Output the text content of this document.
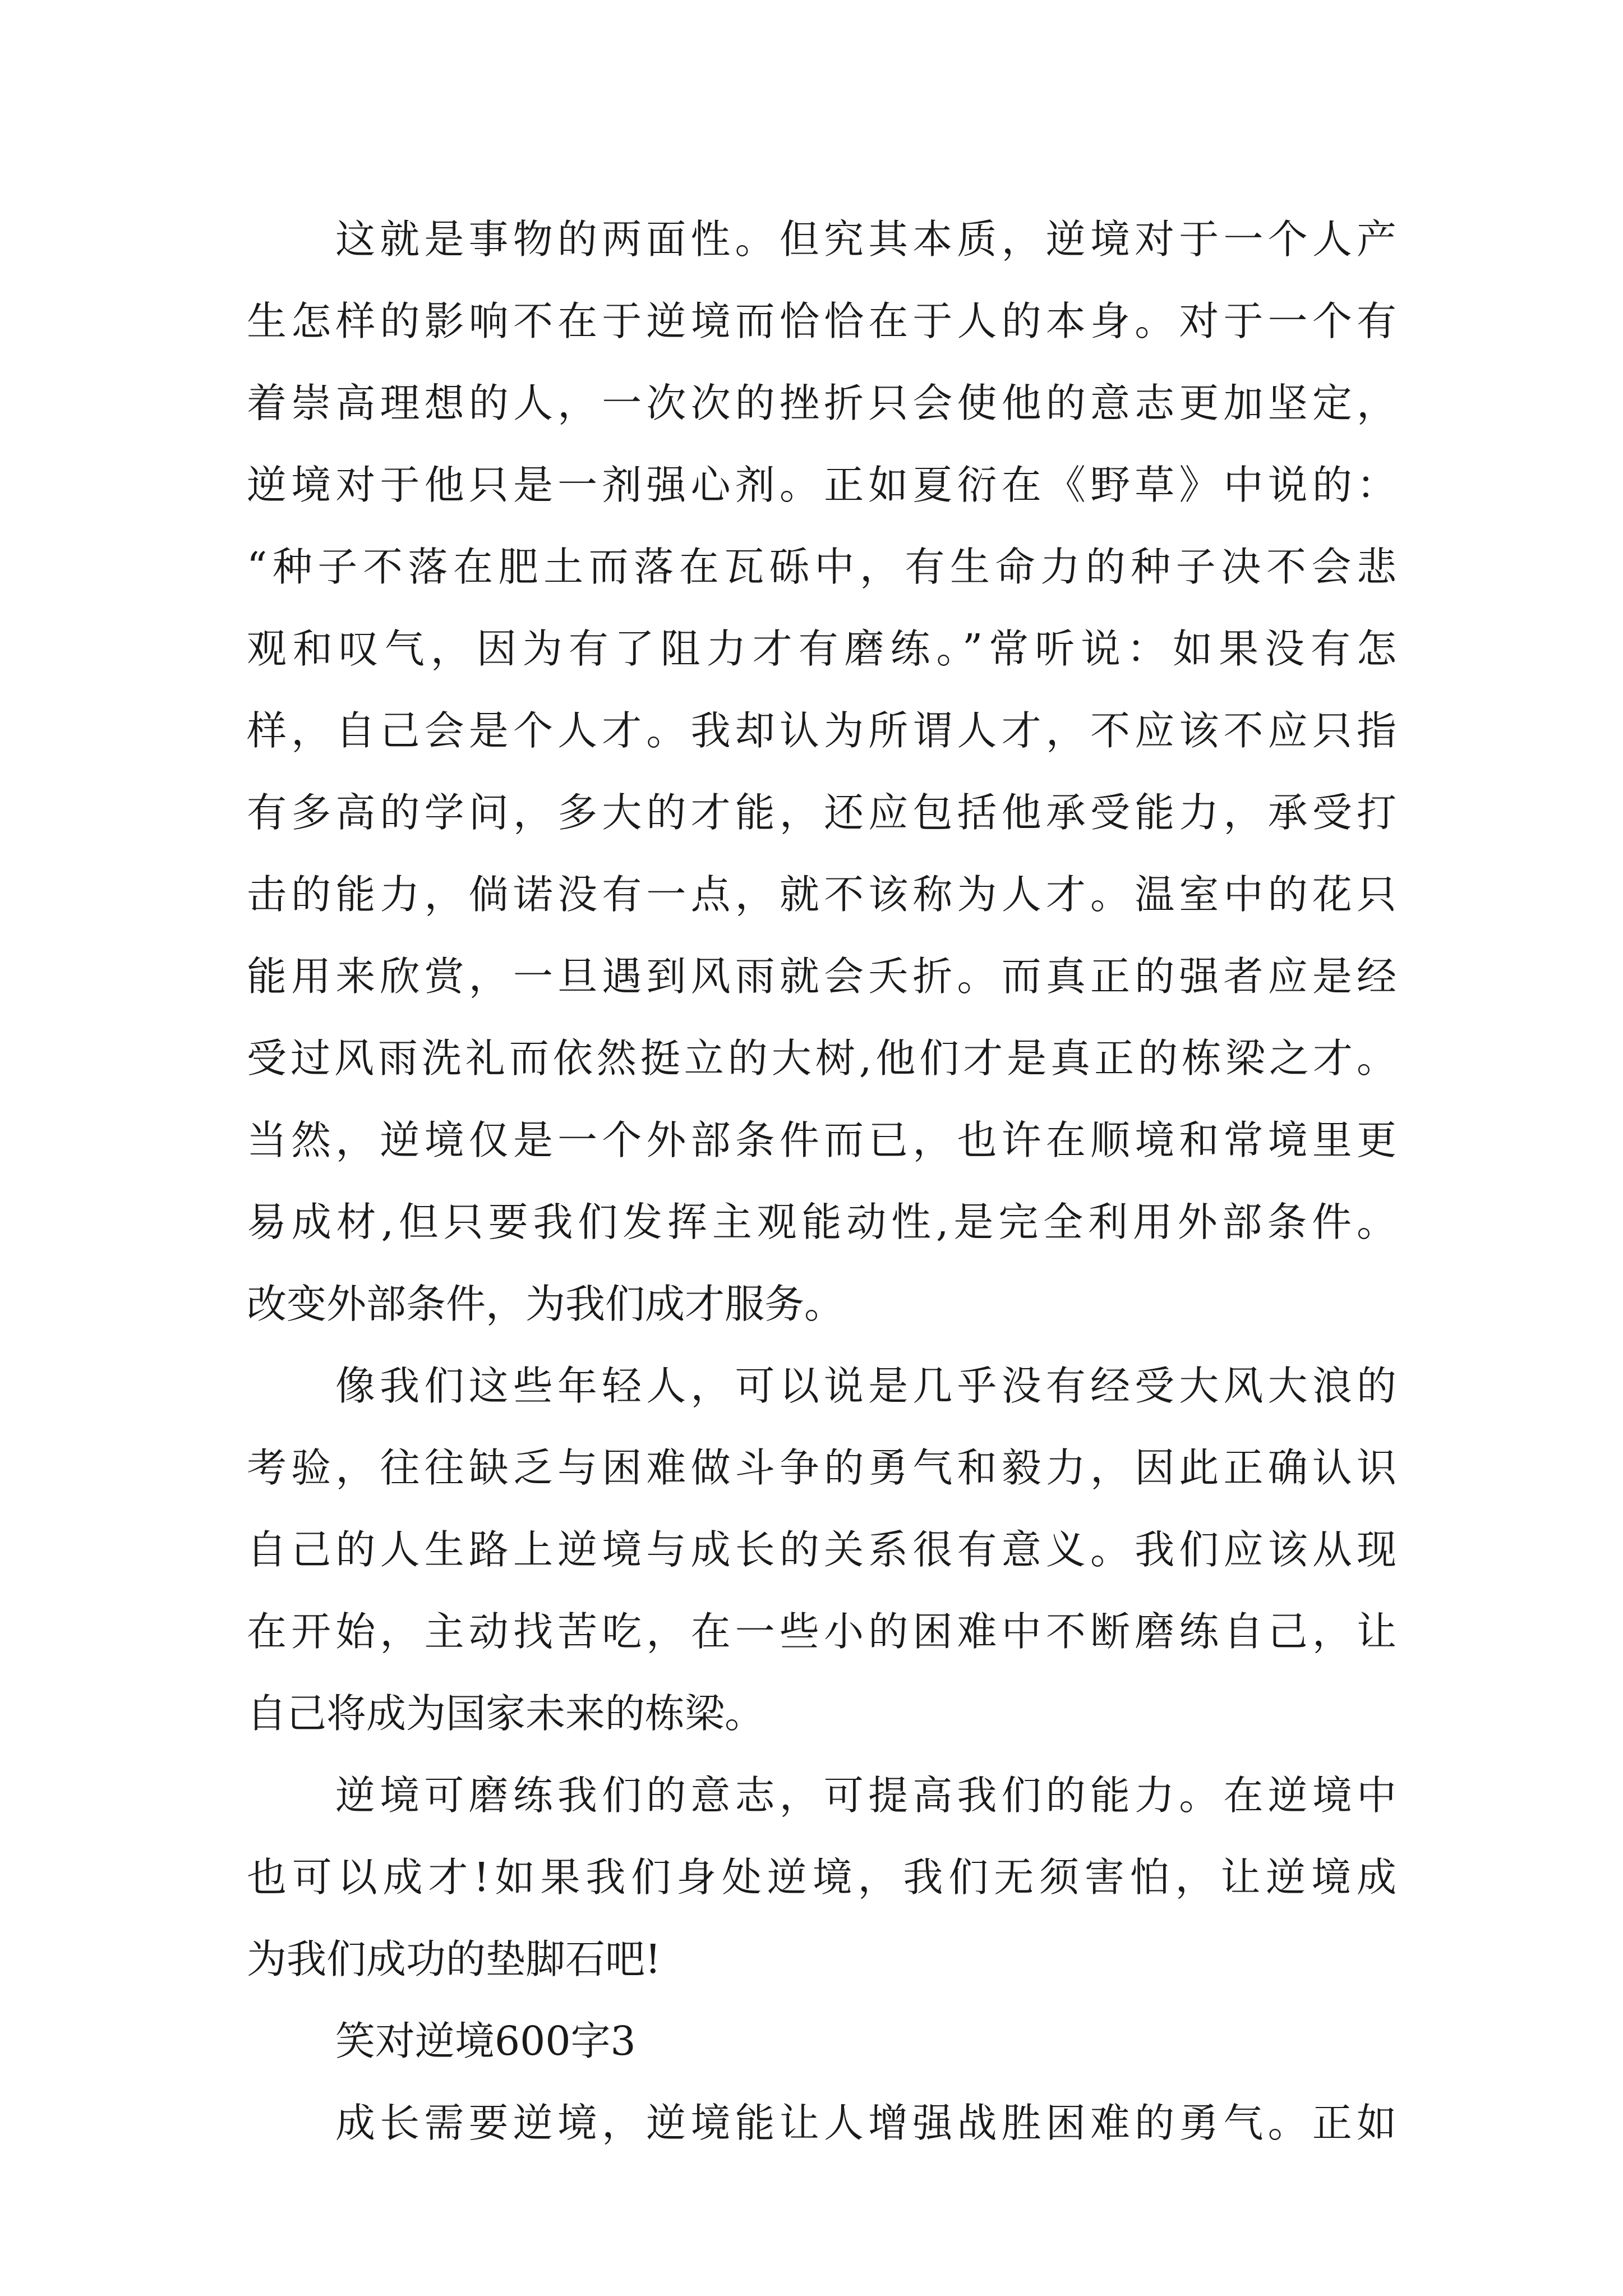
这就是事物的两面性。但究其本质，逆境对于一个人产

生怎样的影响不在于逆境而恰恰在于人的本身。对于一个有

着崇高理想的人，一次次的挫折只会使他的意志更加坚定，

逆境对于他只是一剂强心剂。正如夏衍在《野草》中说的：

“种子不落在肥土而落在瓦砾中，有生命力的种子决不会悲

观和叹气，因为有了阻力才有磨练。”常听说：如果没有怎

样，自己会是个人才。我却认为所谓人才，不应该不应只指

有多高的学问，多大的才能，还应包括他承受能力，承受打

击的能力，倘诺没有一点，就不该称为人才。温室中的花只

能用来欣赏，一旦遇到风雨就会夭折。而真正的强者应是经

受过风雨洗礼而依然挺立的大树,他们才是真正的栋梁之才。

当然，逆境仅是一个外部条件而已，也许在顺境和常境里更

易成材,但只要我们发挥主观能动性,是完全利用外部条件。

改变外部条件，为我们成才服务。

像我们这些年轻人，可以说是几乎没有经受大风大浪的

考验，往往缺乏与困难做斗争的勇气和毅力，因此正确认识

自己的人生路上逆境与成长的关系很有意义。我们应该从现

在开始，主动找苦吃，在一些小的困难中不断磨练自己，让

自己将成为国家未来的栋梁。

逆境可磨练我们的意志，可提高我们的能力。在逆境中

也可以成才!如果我们身处逆境，我们无须害怕，让逆境成

为我们成功的垫脚石吧!

笑对逆境600字3

成长需要逆境，逆境能让人增强战胜困难的勇气。正如
